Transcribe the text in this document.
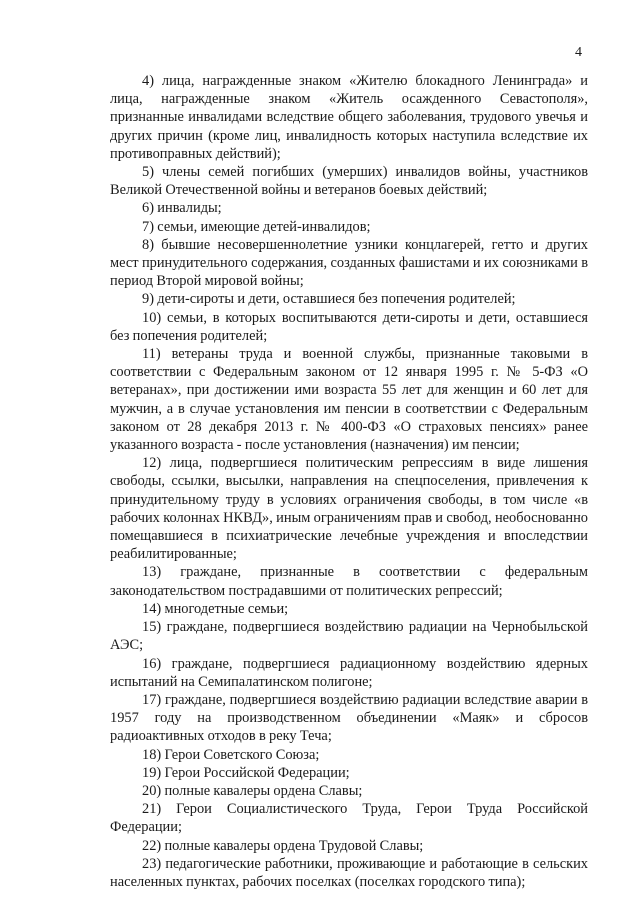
4

4) лица, награжденные знаком «Жителю блокадного Ленинграда» и лица, награжденные знаком «Житель осажденного Севастополя», признанные инвалидами вследствие общего заболевания, трудового увечья и других причин (кроме лиц, инвалидность которых наступила вследствие их противоправных действий);

5) члены семей погибших (умерших) инвалидов войны, участников Великой Отечественной войны и ветеранов боевых действий;

6) инвалиды;

7) семьи, имеющие детей-инвалидов;

8) бывшие несовершеннолетние узники концлагерей, гетто и других мест принудительного содержания, созданных фашистами и их союзниками в период Второй мировой войны;

9) дети-сироты и дети, оставшиеся без попечения родителей;

10) семьи, в которых воспитываются дети-сироты и дети, оставшиеся без попечения родителей;

11) ветераны труда и военной службы, признанные таковыми в соответствии с Федеральным законом от 12 января 1995 г. № 5-ФЗ «О ветеранах», при достижении ими возраста 55 лет для женщин и 60 лет для мужчин, а в случае установления им пенсии в соответствии с Федеральным законом от 28 декабря 2013 г. № 400-ФЗ «О страховых пенсиях» ранее указанного возраста - после установления (назначения) им пенсии;

12) лица, подвергшиеся политическим репрессиям в виде лишения свободы, ссылки, высылки, направления на спецпоселения, привлечения к принудительному труду в условиях ограничения свободы, в том числе «в рабочих колоннах НКВД», иным ограничениям прав и свобод, необоснованно помещавшиеся в психиатрические лечебные учреждения и впоследствии реабилитированные;

13) граждане, признанные в соответствии с федеральным законодательством пострадавшими от политических репрессий;

14) многодетные семьи;

15) граждане, подвергшиеся воздействию радиации на Чернобыльской АЭС;

16) граждане, подвергшиеся радиационному воздействию ядерных испытаний на Семипалатинском полигоне;

17) граждане, подвергшиеся воздействию радиации вследствие аварии в 1957 году на производственном объединении «Маяк» и сбросов радиоактивных отходов в реку Теча;

18) Герои Советского Союза;

19) Герои Российской Федерации;

20) полные кавалеры ордена Славы;

21) Герои Социалистического Труда, Герои Труда Российской Федерации;

22) полные кавалеры ордена Трудовой Славы;

23) педагогические работники, проживающие и работающие в сельских населенных пунктах, рабочих поселках (поселках городского типа);
